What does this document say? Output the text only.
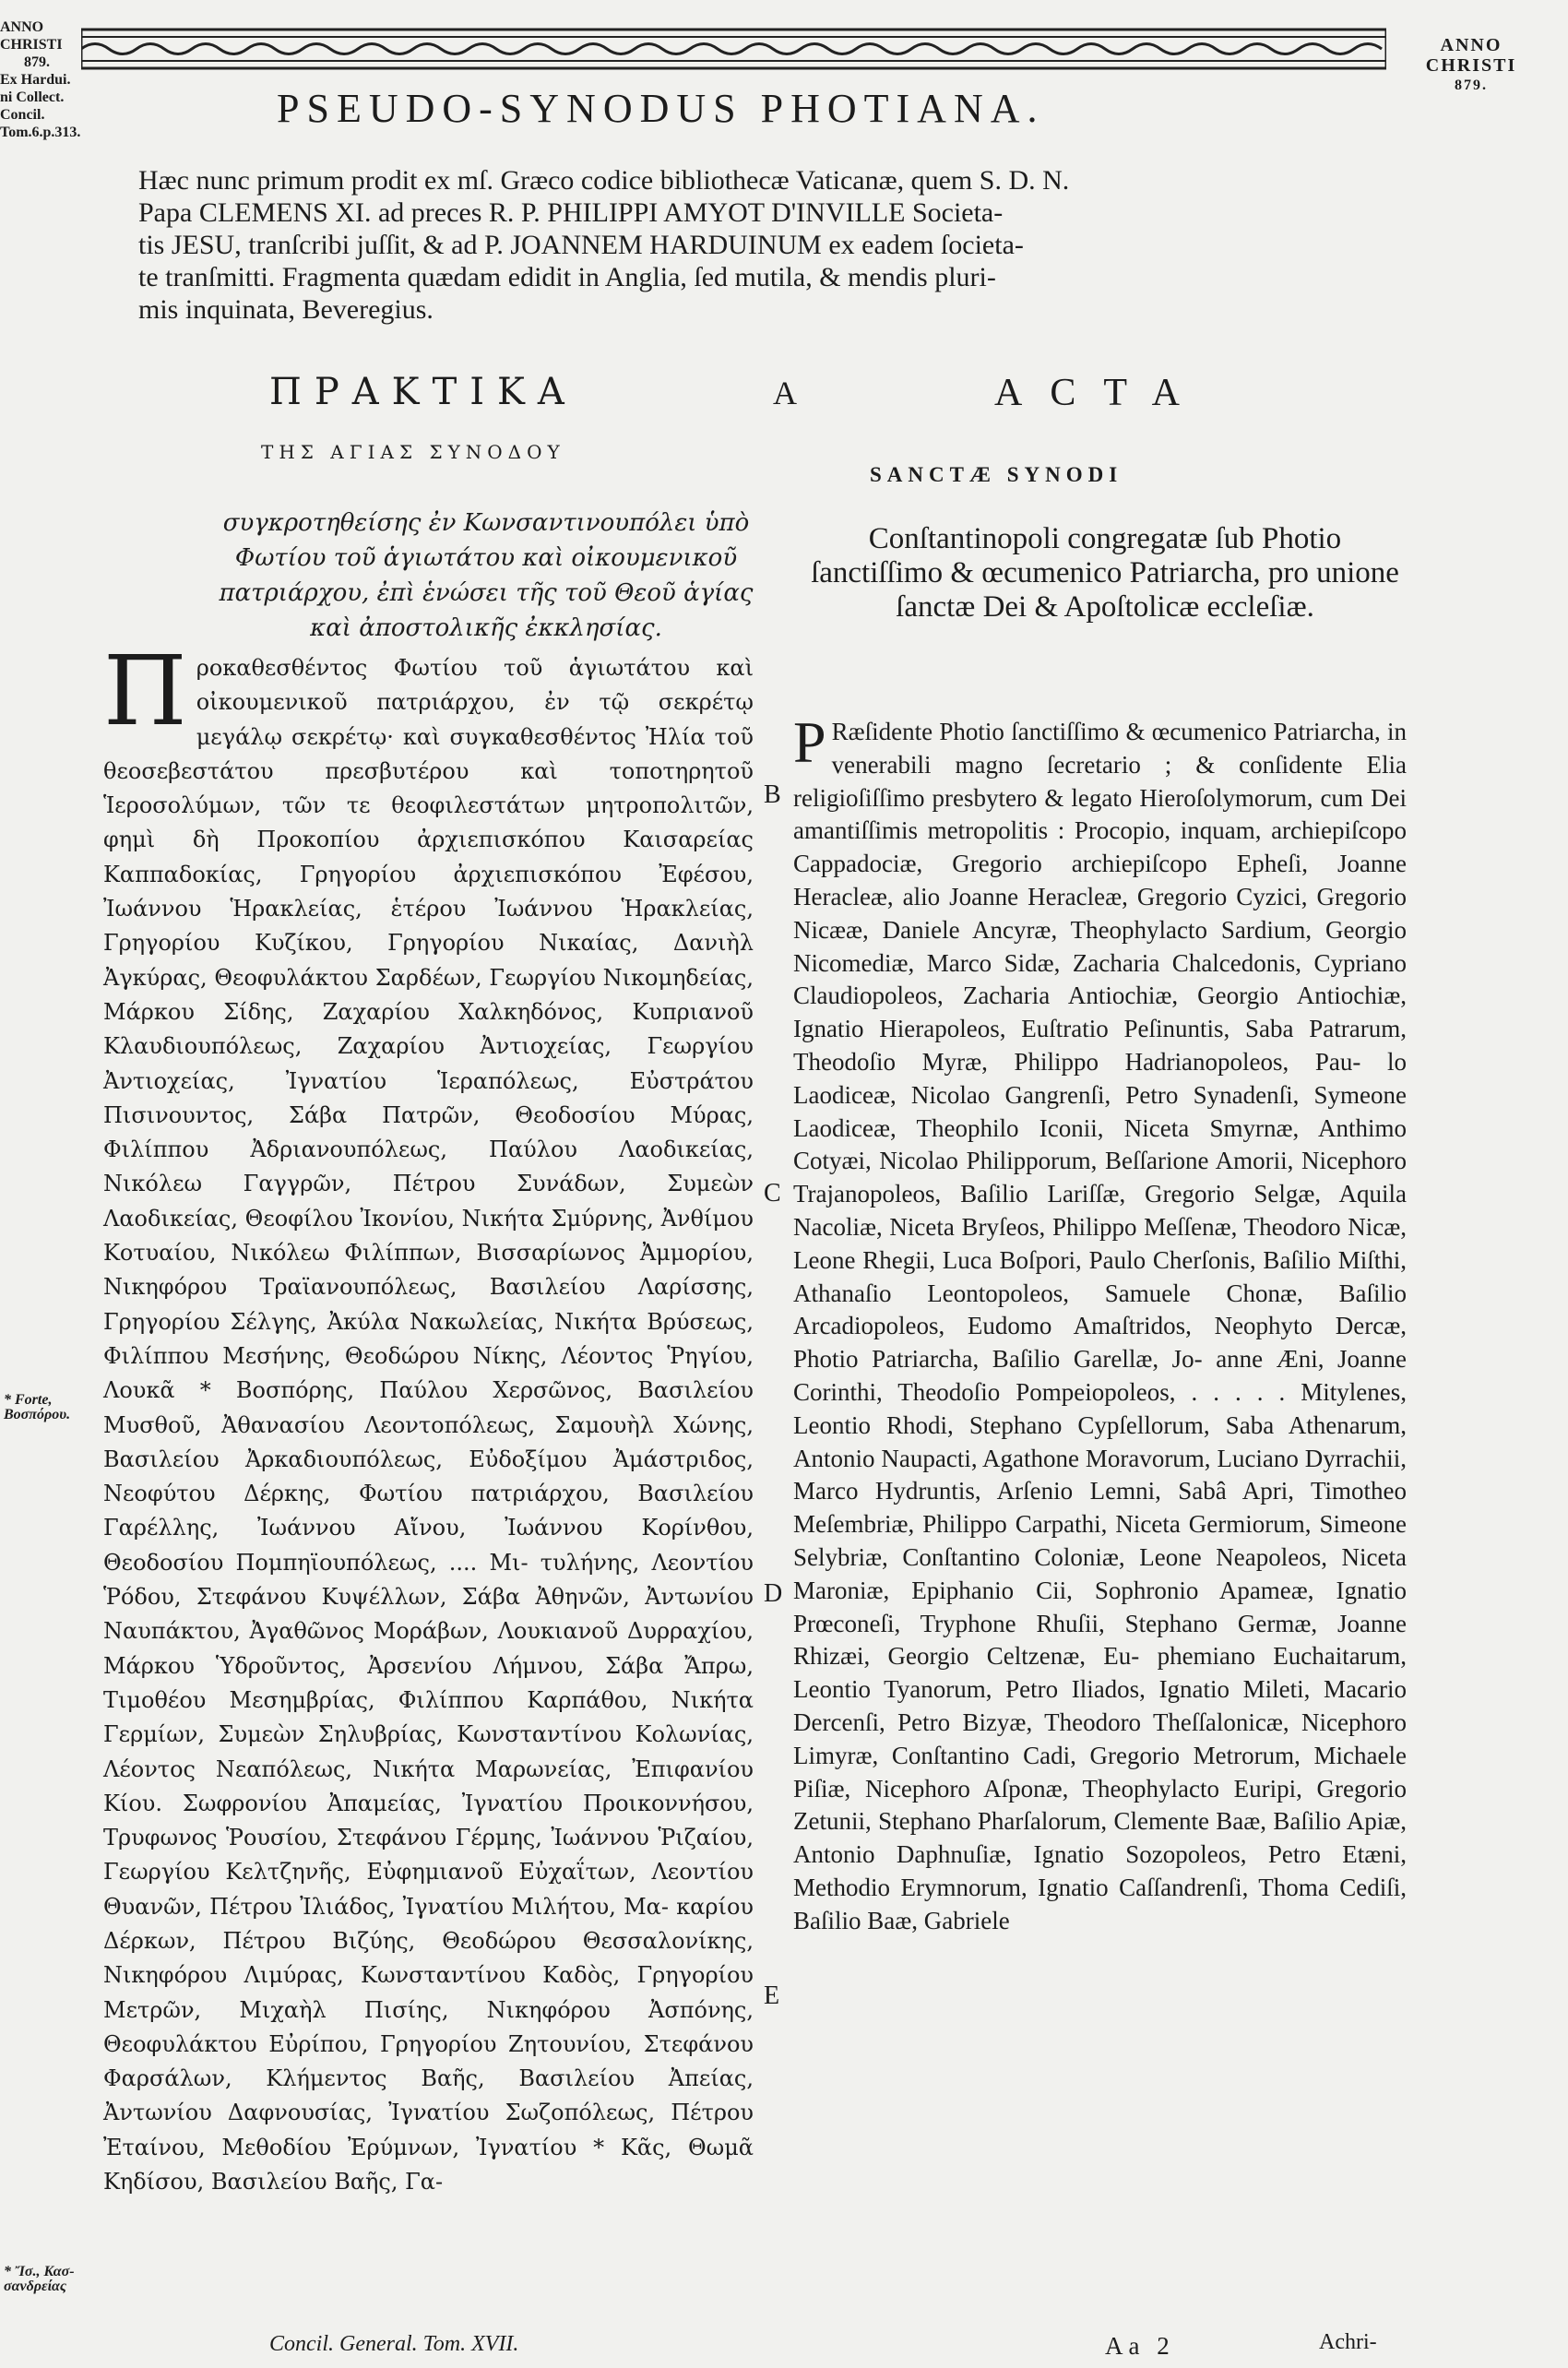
ANNO
CHRISTI
879.
Ex Hardui.
ni Collect.
Concil.
Tom.6.p.313.
ANNO
CHRISTI
879.
PSEUDO-SYNODUS PHOTIANA.
Hæc nunc primum prodit ex mſ. Græco codice bibliothecæ Vaticanæ, quem S. D. N.
Papa CLEMENS XI. ad preces R. P. PHILIPPI AMYOT D'INVILLE Societa-
tis JESU, tranſcribi juſſit, & ad P. JOANNEM HARDUINUM ex eadem ſocieta-
te tranſmitti. Fragmenta quædam edidit in Anglia, ſed mutila, & mendis pluri-
mis inquinata, Beveregius.
ΠΡΑΚΤΙΚΑ	A	ACTA
ΤΗΣ ΑΓΙΑΣ ΣΥΝΟΔΟΥ
SANCTÆ SYNODI
συγκροτηθείσης ἐν Κωνσαντινουπόλει ὑπὸ Φωτίου τοῦ ἁγιωτάτου καὶ οἰκουμενικοῦ πατριάρχου, ἐπὶ ἑνώσει τῆς τοῦ Θεοῦ ἁγίας καὶ ἀποστολικῆς ἐκκλησίας.
Conſtantinopoli congregatæ ſub Photio ſanctiſſimo & œcumenico Patriarcha, pro unione ſanctæ Dei & Apoſtolicæ eccleſiæ.
Π ροκαθεσθέντος Φωτίου τοῦ ἁγιωτάτου καὶ οἰκουμενικοῦ πατριάρχου, ἐν τῷ σεκρέτῳ μεγάλῳ σεκρέτῳ· καὶ συγκαθεσθέντος Ἠλία τοῦ θεοσεβεστάτου πρεσβυτέρου καὶ τοποτηρητοῦ Ἱεροσολύμων, τῶν τε θεοφιλεστάτων μητροπολιτῶν, φημὶ δὴ Προκοπίου ἀρχιεπισκόπου Καισαρείας Καππαδοκίας, Γρηγορίου ἀρχιεπισκόπου Ἐφέσου, Ἰωάννου Ἡρακλείας, ἑτέρου Ἰωάννου Ἡρακλείας, Γρηγορίου Κυζίκου, Γρηγορίου Νικαίας, Δανιὴλ Ἀγκύρας, Θεοφυλάκτου Σαρδέων, Γεωργίου Νικομηδείας, Μάρκου Σίδης, Ζαχαρίου Χαλκηδόνος, Κυπριανοῦ Κλαυδιουπόλεως, Ζαχαρίου Ἀντιοχείας, Γεωργίου Ἀντιοχείας, Ἰγνατίου Ἱεραπόλεως, Εὐστράτου Πισινουντος, Σάβα Πατρῶν, Θεοδοσίου Μύρας, Φιλίππου Ἀδριανουπόλεως, Παύλου Λαοδικείας, Νικόλεω Γαγγρῶν, Πέτρου Συνάδων, Συμεὼν Λαοδικείας, Θεοφίλου Ἰκονίου, Νικήτα Σμύρνης, Ἀνθίμου Κοτυαίου, Νικόλεω Φιλίππων, Βισσαρίωνος Ἀμμορίου, Νικηφόρου Τραϊανουπόλεως, Βασιλείου Λαρίσσης, Γρηγορίου Σέλγης, Ἀκύλα Νακωλείας, Νικήτα Βρύσεως, Φιλίππου Μεσήνης, Θεοδώρου Νίκης, Λέοντος Ῥηγίου, Λουκᾶ * Βοσπόρης, Παύλου Χερσῶνος, Βασιλείου Μυσθοῦ, Ἀθανασίου Λεοντοπόλεως, Σαμουὴλ Χώνης, Βασιλείου Ἀρκαδιουπόλεως, Εὐδοξίμου Ἀμάστριδος, Νεοφύτου Δέρκης, Φωτίου πατριάρχου, Βασιλείου Γαρέλλης, Ἰωάννου Αἴνου, Ἰωάννου Κορίνθου, Θεοδοσίου Πομπηϊουπόλεως, .... Μι- τυλήνης, Λεοντίου Ῥόδου, Στεφάνου Κυψέλλων, Σάβα Ἀθηνῶν, Ἀντωνίου Ναυπάκτου, Ἀγαθῶνος Μοράβων, Λουκιανοῦ Δυρραχίου, Μάρκου Ὑδροῦντος, Ἀρσενίου Λήμνου, Σάβα Ἄπρω, Τιμοθέου Μεσημβρίας, Φιλίππου Καρπάθου, Νικήτα Γερμίων, Συμεὼν Σηλυβρίας, Κωνσταντίνου Κολωνίας, Λέοντος Νεαπόλεως, Νικήτα Μαρωνείας, Ἐπιφανίου Κίου. Σωφρονίου Ἀπαμείας, Ἰγνατίου Προικοννήσου, Τρυφωνος Ῥουσίου, Στεφάνου Γέρμης, Ἰωάννου Ῥιζαίου, Γεωργίου Κελτζηνῆς, Εὐφημιανοῦ Εὐχαΐτων, Λεοντίου Θυανῶν, Πέτρου Ἰλιάδος, Ἰγνατίου Μιλήτου, Μα- καρίου Δέρκων, Πέτρου Βιζύης, Θεοδώρου Θεσσαλονίκης, Νικηφόρου Λιμύρας, Κωνσταντίνου Καδὸς, Γρηγορίου Μετρῶν, Μιχαὴλ Πισίης, Νικηφόρου Ἀσπόνης, Θεοφυλάκτου Εὐρίπου, Γρηγορίου Ζητουνίου, Στεφάνου Φαρσάλων, Κλήμεντος Βαῆς, Βασιλείου Ἀπείας, Ἀντωνίου Δαφνουσίας, Ἰγνατίου Σωζοπόλεως, Πέτρου Ἐταίνου, Μεθοδίου Ἐρύμνων, Ἰγνατίου * Κᾶς, Θωμᾶ Κηδίσου, Βασιλείου Βαῆς, Γα-

B
C
D
E
P Ræſidente Photio ſanctiſſimo & œcumenico Patriarcha, in venerabili magno ſecretario ; & conſidente Elia religioſiſſimo presbytero & legato Hieroſolymorum, cum Dei amantiſſimis metropolitis : Procopio, inquam, archiepiſcopo Cappadociæ, Gregorio archiepiſcopo Epheſi, Joanne Heracleæ, alio Joanne Heracleæ, Gregorio Cyzici, Gregorio Nicææ, Daniele Ancyræ, Theophylacto Sardium, Georgio Nicomediæ, Marco Sidæ, Zacharia Chalcedonis, Cypriano Claudiopoleos, Zacharia Antiochiæ, Georgio Antiochiæ, Ignatio Hierapoleos, Euſtratio Peſinuntis, Saba Patrarum, Theodoſio Myræ, Philippo Hadrianopoleos, Pau- lo Laodiceæ, Nicolao Gangrenſi, Petro Synadenſi, Symeone Laodiceæ, Theophilo Iconii, Niceta Smyrnæ, Anthimo Cotyæi, Nicolao Philipporum, Beſſarione Amorii, Nicephoro Trajanopoleos, Baſilio Lariſſæ, Gregorio Selgæ, Aquila Nacoliæ, Niceta Bryſeos, Philippo Meſſenæ, Theodoro Nicæ, Leone Rhegii, Luca Boſpori, Paulo Cherſonis, Baſilio Miſthi, Athanaſio Leontopoleos, Samuele Chonæ, Baſilio Arcadiopoleos, Eudomo Amaſtridos, Neophyto Dercæ, Photio Patriarcha, Baſilio Garellæ, Jo- anne Æni, Joanne Corinthi, Theodoſio Pompeiopoleos, . . . . . Mitylenes, Leontio Rhodi, Stephano Cypſellorum, Saba Athenarum, Antonio Naupacti, Agathone Moravorum, Luciano Dyrrachii, Marco Hydruntis, Arſenio Lemni, Sabâ Apri, Timotheo Meſembriæ, Philippo Carpathi, Niceta Germiorum, Simeone Selybriæ, Conſtantino Coloniæ, Leone Neapoleos, Niceta Maroniæ, Epiphanio Cii, Sophronio Apameæ, Ignatio Prœconeſi, Tryphone Rhuſii, Stephano Germæ, Joanne Rhizæi, Georgio Celtzenæ, Eu- phemiano Euchaitarum, Leontio Tyanorum, Petro Iliados, Ignatio Mileti, Macario Dercenſi, Petro Bizyæ, Theodoro Theſſalonicæ, Nicephoro Limyræ, Conſtantino Cadi, Gregorio Metrorum, Michaele Piſiæ, Nicephoro Aſponæ, Theophylacto Euripi, Gregorio Zetunii, Stephano Pharſalorum, Clemente Baæ, Baſilio Apiæ, Antonio Daphnuſiæ, Ignatio Sozopoleos, Petro Etæni, Methodio Erymnorum, Ignatio Caſſandrenſi, Thoma Cediſi, Baſilio Baæ, Gabriele

* Forte, Βοσπόρου.
* Ἴσ., Κασ-σανδρείας
Concil. General. Tom. XVII.	Aa 2	Achri-
